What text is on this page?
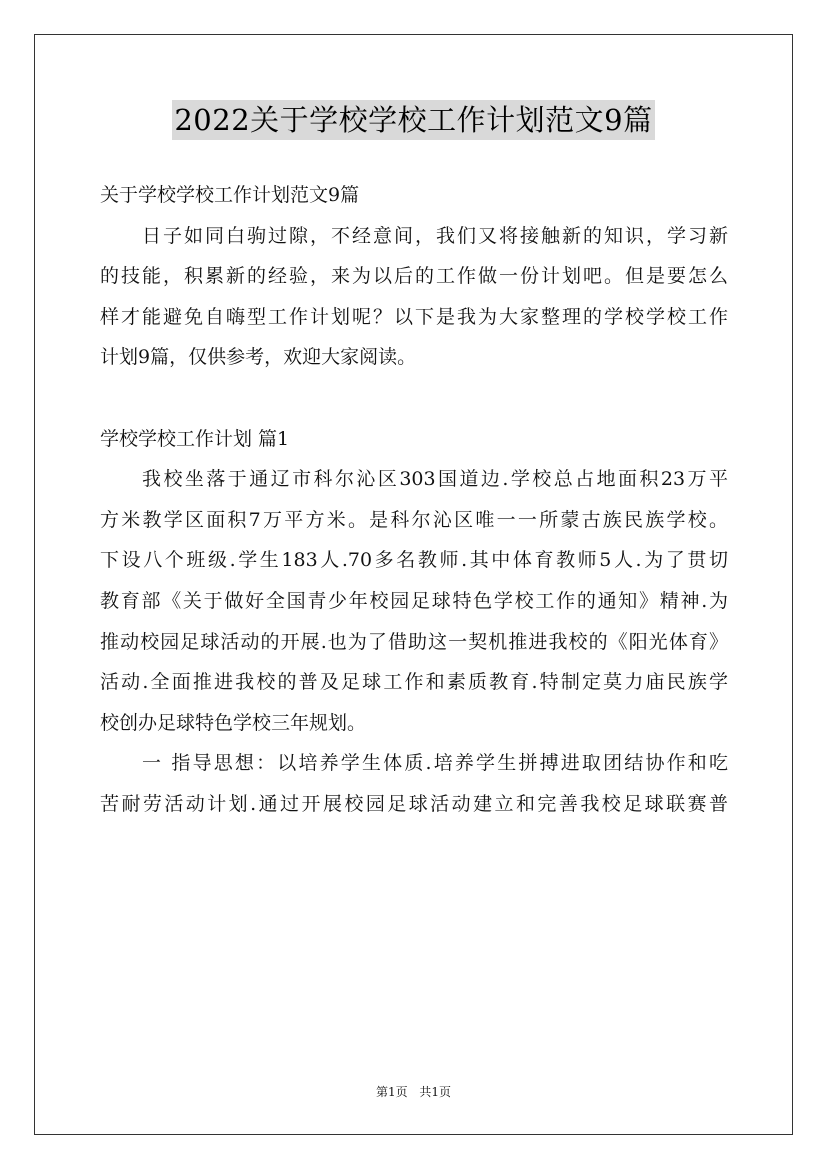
2022关于学校学校工作计划范文9篇
关于学校学校工作计划范文9篇
日子如同白驹过隙，不经意间，我们又将接触新的知识，学习新
的技能，积累新的经验，来为以后的工作做一份计划吧。但是要怎么
样才能避免自嗨型工作计划呢？以下是我为大家整理的学校学校工作
计划9篇，仅供参考，欢迎大家阅读。
学校学校工作计划 篇1
我校坐落于通辽市科尔沁区303国道边.学校总占地面积23万平
方米教学区面积7万平方米。是科尔沁区唯一一所蒙古族民族学校。
下设八个班级.学生183人.70多名教师.其中体育教师5人.为了贯切
教育部《关于做好全国青少年校园足球特色学校工作的通知》精神.为
推动校园足球活动的开展.也为了借助这一契机推进我校的《阳光体育》
活动.全面推进我校的普及足球工作和素质教育.特制定莫力庙民族学
校创办足球特色学校三年规划。
一 指导思想：以培养学生体质.培养学生拼搏进取团结协作和吃
苦耐劳活动计划.通过开展校园足球活动建立和完善我校足球联赛普
第1页 共1页
